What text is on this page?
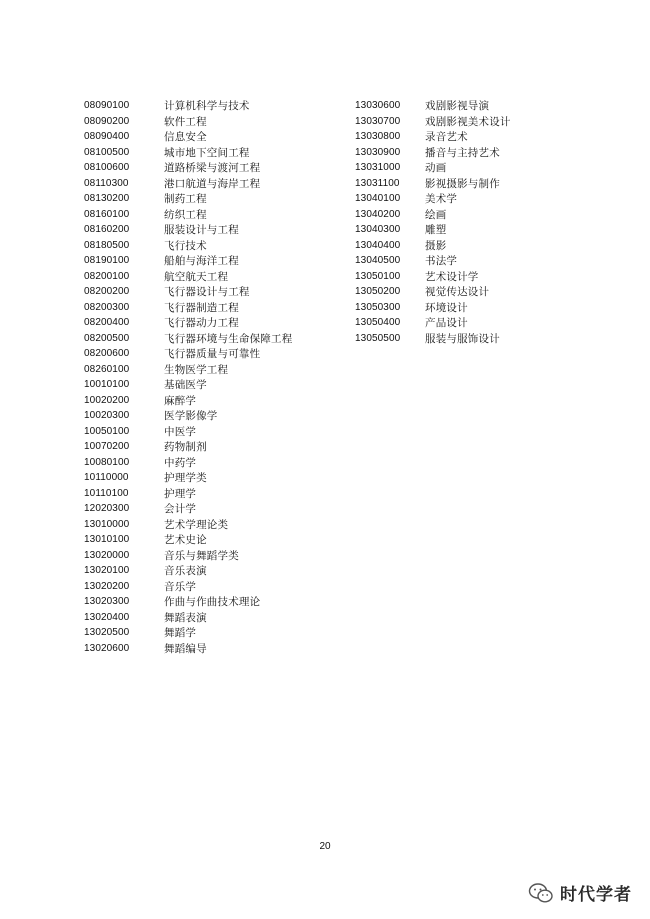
08090100	计算机科学与技术
08090200	软件工程
08090400	信息安全
08100500	城市地下空间工程
08100600	道路桥梁与渡河工程
08110300	港口航道与海岸工程
08130200	制药工程
08160100	纺织工程
08160200	服装设计与工程
08180500	飞行技术
08190100	船舶与海洋工程
08200100	航空航天工程
08200200	飞行器设计与工程
08200300	飞行器制造工程
08200400	飞行器动力工程
08200500	飞行器环境与生命保障工程
08200600	飞行器质量与可靠性
08260100	生物医学工程
10010100	基础医学
10020200	麻醉学
10020300	医学影像学
10050100	中医学
10070200	药物制剂
10080100	中药学
10110000	护理学类
10110100	护理学
12020300	会计学
13010000	艺术学理论类
13010100	艺术史论
13020000	音乐与舞蹈学类
13020100	音乐表演
13020200	音乐学
13020300	作曲与作曲技术理论
13020400	舞蹈表演
13020500	舞蹈学
13020600	舞蹈编导
13030600	戏剧影视导演
13030700	戏剧影视美术设计
13030800	录音艺术
13030900	播音与主持艺术
13031000	动画
13031100	影视摄影与制作
13040100	美术学
13040200	绘画
13040300	雕塑
13040400	摄影
13040500	书法学
13050100	艺术设计学
13050200	视觉传达设计
13050300	环境设计
13050400	产品设计
13050500	服装与服饰设计
20
时代学者
